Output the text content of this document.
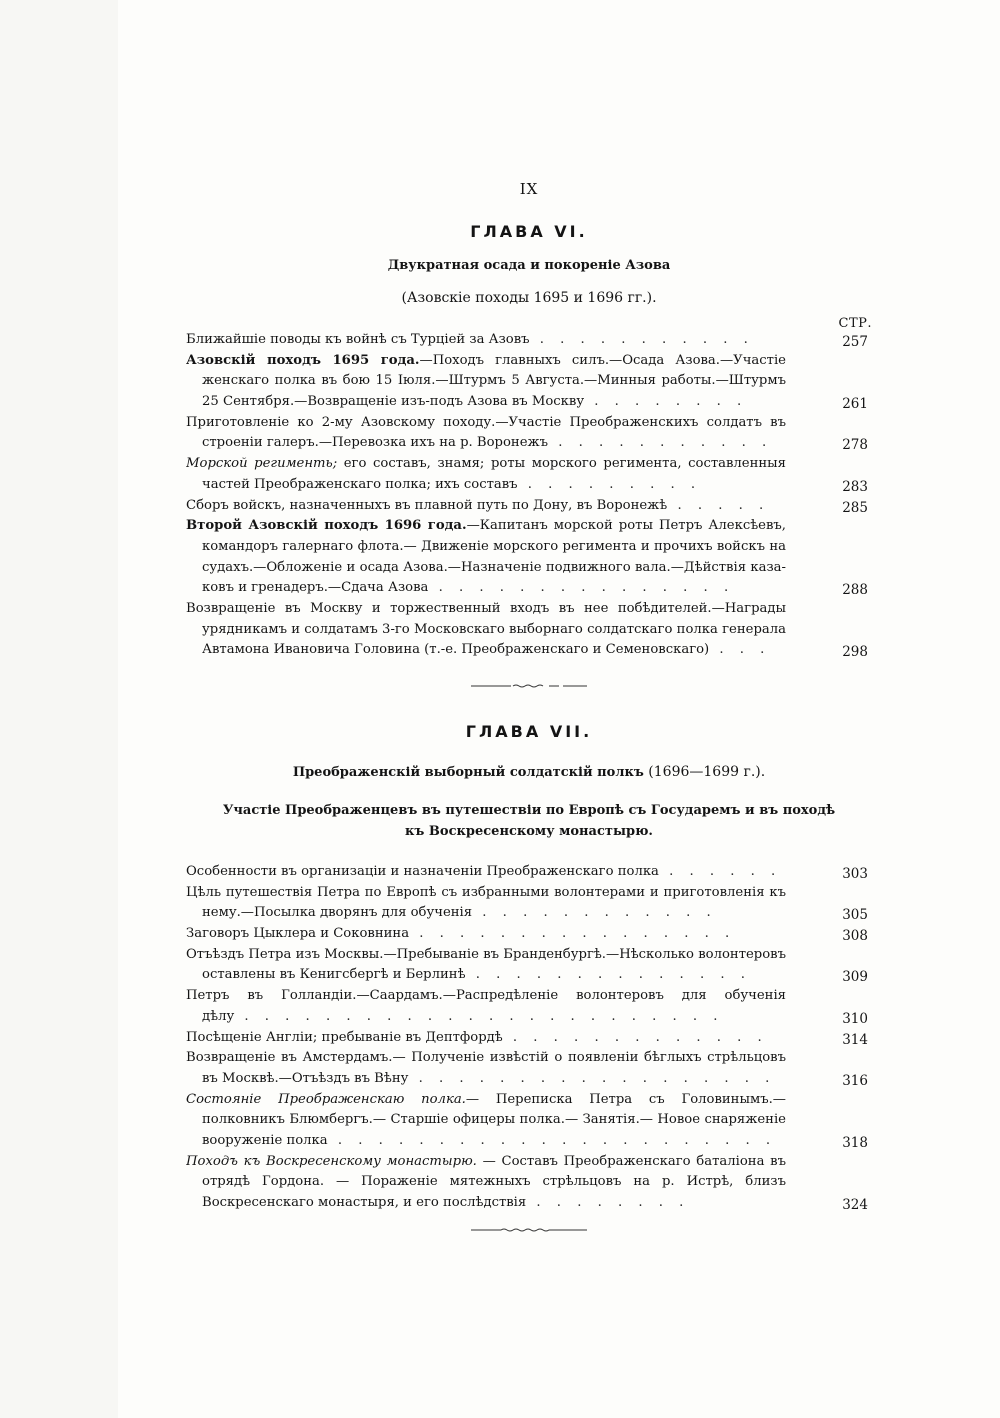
IX
ГЛАВА VI.
Двукратная осада и покореніе Азова
(Азовскіе походы 1695 и 1696 гг.).
СТР.
Ближайшіе поводы къ войнѣ съ Турціей за Азовъ . . . . . . . . . . .	257
Азовскій походъ 1695 года.—Походъ главныхъ силъ.—Осада Азова.—Участіе
женскаго полка въ бою 15 Іюля.—Штурмъ 5 Августа.—Минныя работы.—Штурмъ
25 Сентября.—Возвращеніе изъ-подъ Азова въ Москву . . . . . . . .	261
Приготовленіе ко 2-му Азовскому походу.—Участіе Преображенскихъ солдатъ въ
строеніи галеръ.—Перевозка ихъ на р. Воронежъ . . . . . . . . . . .	278
Морской регименть; его составъ, знамя; роты морского регимента, составленныя
частей Преображенскаго полка; ихъ составъ . . . . . . . . .	283
Сборъ войскъ, назначенныхъ въ плавной путь по Дону, въ Воронежѣ . . . . .	285
Второй Азовскій походъ 1696 года.—Капитанъ морской роты Петръ Алексѣевъ,
командоръ галернаго флота.— Движеніе морского регимента и прочихъ войскъ на
судахъ.—Обложеніе и осада Азова.—Назначеніе подвижного вала.—Дѣйствія каза-
ковъ и гренадеръ.—Сдача Азова . . . . . . . . . . . . . . .	288
Возвращеніе въ Москву и торжественный входъ въ нее побѣдителей.—Награды
урядникамъ и солдатамъ 3-го Московскаго выборнаго солдатскаго полка генерала
Автамона Ивановича Головина (т.-е. Преображенскаго и Семеновскаго) . . .	298
ГЛАВА VII.
Преображенскій выборный солдатскій полкъ (1696—1699 г.).
Участіе Преображенцевъ въ путешествіи по Европѣ съ Государемъ и въ походѣ
къ Воскресенскому монастырю.
Особенности въ организаціи и назначеніи Преображенскаго полка . . . . . .	303
Цѣль путешествія Петра по Европѣ съ избранными волонтерами и приготовленія къ
нему.—Посылка дворянъ для обученія . . . . . . . . . . . .	305
Заговоръ Цыклера и Соковнина . . . . . . . . . . . . . . . .	308
Отъѣздъ Петра изъ Москвы.—Пребываніе въ Бранденбургѣ.—Нѣсколько волонтеровъ
оставлены въ Кенигсбергѣ и Берлинѣ . . . . . . . . . . . . . .	309
Петръ въ Голландіи.—Саардамъ.—Распредѣленіе волонтеровъ для обученія
дѣлу . . . . . . . . . . . . . . . . . . . . . . . .	310
Посѣщеніе Англіи; пребываніе въ Дептфордѣ . . . . . . . . . . . . .	314
Возвращеніе въ Амстердамъ.— Полученіе извѣстій о появленіи бѣглыхъ стрѣльцовъ
въ Москвѣ.—Отъѣздъ въ Вѣну . . . . . . . . . . . . . . . . . .	316
Состояніе Преображенскаю полка.— Переписка Петра съ Головинымъ.—
полковникъ Блюмбергъ.— Старшіе офицеры полка.— Занятія.— Новое снаряженіе
вооруженіе полка . . . . . . . . . . . . . . . . . . . . . .	318
Походъ къ Воскресенскому монастырю. — Составъ Преображенскаго баталіона въ
отрядѣ Гордона. — Пораженіе мятежныхъ стрѣльцовъ на р. Истрѣ, близъ
Воскресенскаго монастыря, и его послѣдствія . . . . . . . .	324
